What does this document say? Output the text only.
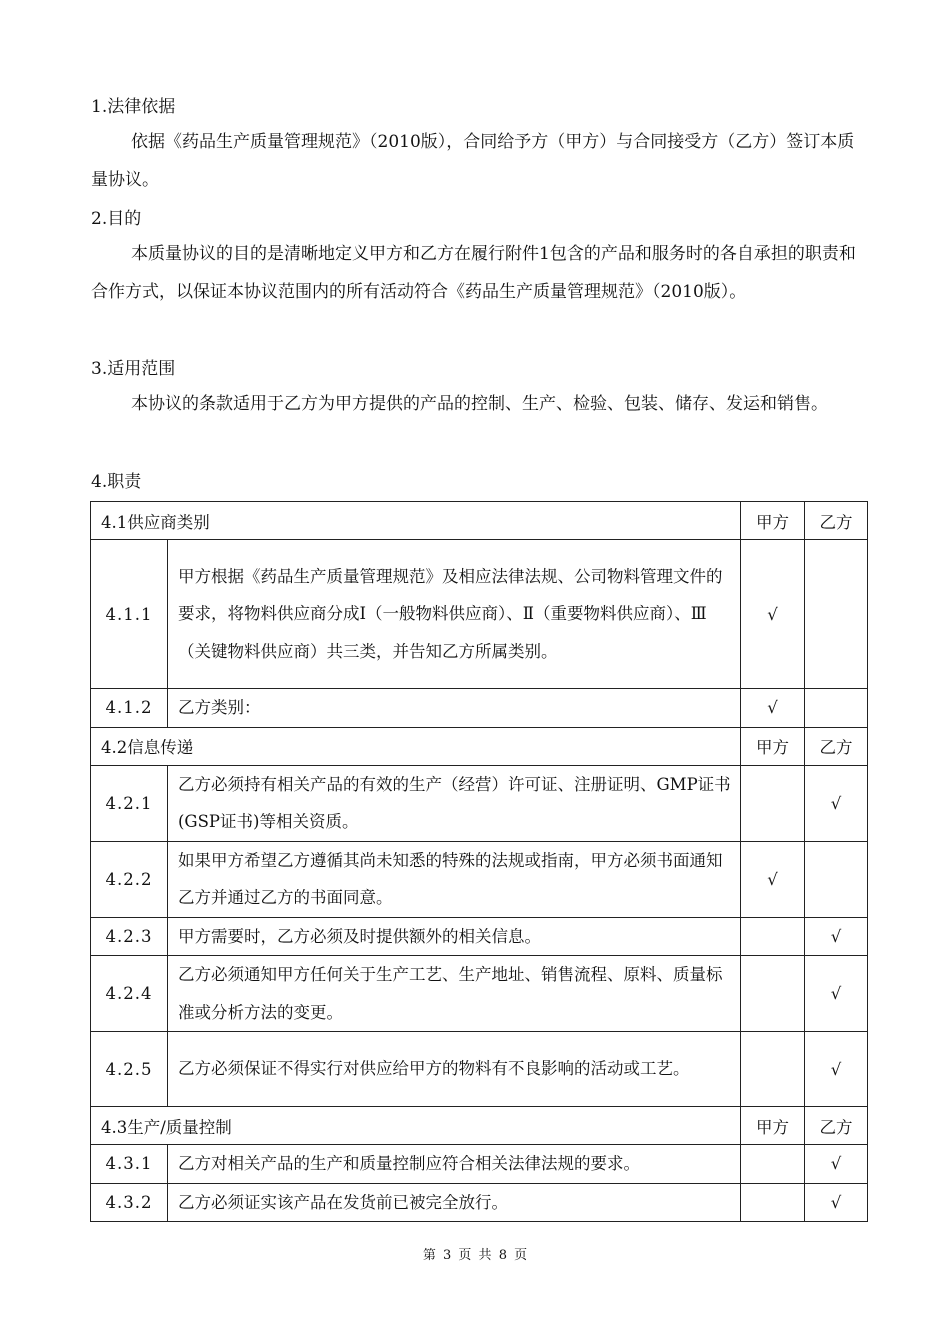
1.法律依据
依据《药品生产质量管理规范》（2010版），合同给予方（甲方）与合同接受方（乙方）签订本质量协议。
2.目的
本质量协议的目的是清晰地定义甲方和乙方在履行附件1包含的产品和服务时的各自承担的职责和合作方式，以保证本协议范围内的所有活动符合《药品生产质量管理规范》（2010版）。
3.适用范围
本协议的条款适用于乙方为甲方提供的产品的控制、生产、检验、包装、储存、发运和销售。
4.职责
4.1供应商类别		甲方	乙方
4.1.1	甲方根据《药品生产质量管理规范》及相应法律法规、公司物料管理文件的要求，将物料供应商分成Ⅰ（一般物料供应商）、Ⅱ（重要物料供应商）、Ⅲ（关键物料供应商）共三类，并告知乙方所属类别。	√	
4.1.2	乙方类别：	√	
4.2信息传递		甲方	乙方
4.2.1	乙方必须持有相关产品的有效的生产（经营）许可证、注册证明、GMP证书(GSP证书)等相关资质。		√
4.2.2	如果甲方希望乙方遵循其尚未知悉的特殊的法规或指南，甲方必须书面通知乙方并通过乙方的书面同意。	√	
4.2.3	甲方需要时，乙方必须及时提供额外的相关信息。		√
4.2.4	乙方必须通知甲方任何关于生产工艺、生产地址、销售流程、原料、质量标准或分析方法的变更。		√
4.2.5	乙方必须保证不得实行对供应给甲方的物料有不良影响的活动或工艺。		√
4.3生产/质量控制		甲方	乙方
4.3.1	乙方对相关产品的生产和质量控制应符合相关法律法规的要求。		√
4.3.2	乙方必须证实该产品在发货前已被完全放行。		√
第 3 页 共 8 页
